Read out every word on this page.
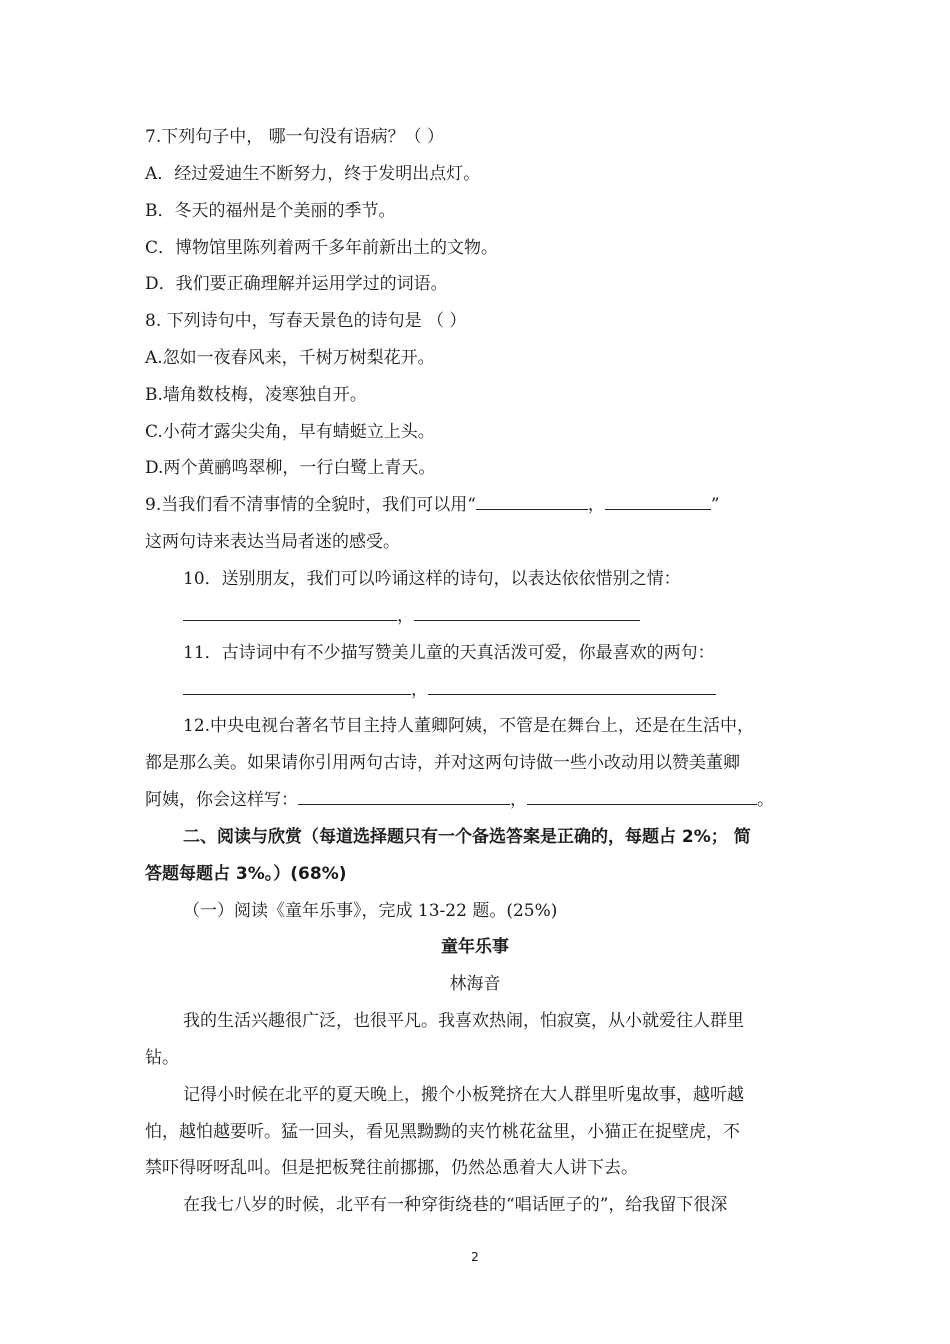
7.下列句子中， 哪一句没有语病？（ ）
A．经过爱迪生不断努力，终于发明出点灯。
B．冬天的福州是个美丽的季节。
C．博物馆里陈列着两千多年前新出土的文物。
D．我们要正确理解并运用学过的词语。
8. 下列诗句中，写春天景色的诗句是 （ ）
A.忽如一夜春风来，千树万树梨花开。
B.墙角数枝梅，凌寒独自开。
C.小荷才露尖尖角，早有蜻蜓立上头。
D.两个黄鹂鸣翠柳，一行白鹭上青天。
9.当我们看不清事情的全貌时，我们可以用“	，	”
这两句诗来表达当局者迷的感受。
10．送别朋友，我们可以吟诵这样的诗句，以表达依依惜别之情：
，
11．古诗词中有不少描写赞美儿童的天真活泼可爱，你最喜欢的两句：
，
12.中央电视台著名节目主持人董卿阿姨，不管是在舞台上，还是在生活中，
都是那么美。如果请你引用两句古诗，并对这两句诗做一些小改动用以赞美董卿
阿姨，你会这样写：	，	。
二、阅读与欣赏（每道选择题只有一个备选答案是正确的，每题占 2%； 简
答题每题占 3%。）(68%)
（一）阅读《童年乐事》，完成 13-22 题。(25%)
童年乐事
林海音
我的生活兴趣很广泛，也很平凡。我喜欢热闹，怕寂寞，从小就爱往人群里
钻。
记得小时候在北平的夏天晚上，搬个小板凳挤在大人群里听鬼故事，越听越
怕，越怕越要听。猛一回头，看见黑黝黝的夹竹桃花盆里，小猫正在捉壁虎，不
禁吓得呀呀乱叫。但是把板凳往前挪挪，仍然怂恿着大人讲下去。
在我七八岁的时候，北平有一种穿街绕巷的“唱话匣子的”，给我留下很深
2
